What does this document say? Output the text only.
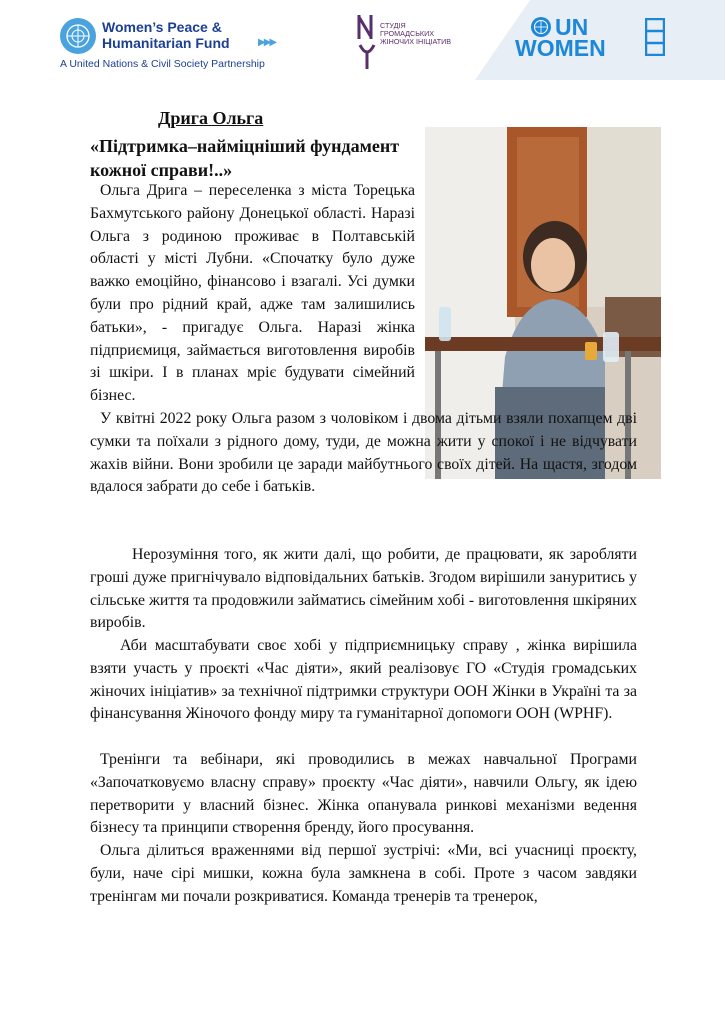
Women’s Peace &
Humanitarian Fund	▶▶▶
A United Nations & Civil Society Partnership
СТУДІЯ ГРОМАДСЬКИХ ЖІНОЧИХ ІНІЦІАТИВ
UN
WOMEN
Дрига Ольга
«Підтримка–найміцніший фундамент кожної справи!..»

Ольга Дрига – переселенка з міста Торецька Бахмутського району Донецької області. Наразі Ольга з родиною проживає в Полтавській області у місті Лубни. «Спочатку було дуже важко емоційно, фінансово і взагалі. Усі думки були про рідний край, адже там залишились батьки», - пригадує Ольга. Наразі жінка підприємиця, займається виготовлення виробів зі шкіри. І в планах мріє будувати сімейний бізнес.

У квітні 2022 року Ольга разом з чоловіком і двома дітьми взяли похапцем дві сумки та поїхали з рідного дому, туди, де можна жити у спокої і не відчувати жахів війни. Вони зробили це заради майбутнього своїх дітей. На щастя, згодом вдалося забрати до себе і батьків.

Нерозуміння того, як жити далі, що робити, де працювати, як заробляти гроші дуже пригнічувало відповідальних батьків. Згодом вирішили зануритись у сільське життя та продовжили займатись сімейним хобі - виготовлення шкіряних виробів.

Аби масштабувати своє хобі у підприємницьку справу , жінка вирішила взяти участь у проєкті «Час діяти», який реалізовує ГО «Студія громадських жіночих ініціатив» за технічної підтримки структури ООН Жінки в Україні та за фінансування Жіночого фонду миру та гуманітарної допомоги ООН (WPHF).

Тренінги та вебінари, які проводились в межах навчальної Програми «Започатковуємо власну справу» проєкту «Час діяти», навчили Ольгу, як ідею перетворити у власний бізнес. Жінка опанувала ринкові механізми ведення бізнесу та принципи створення бренду, його просування.

Ольга ділиться враженнями від першої зустрічі: «Ми, всі учасниці проєкту, були, наче сірі мишки, кожна була замкнена в собі. Проте з часом завдяки тренінгам ми почали розкриватися. Команда тренерів та тренерок,
